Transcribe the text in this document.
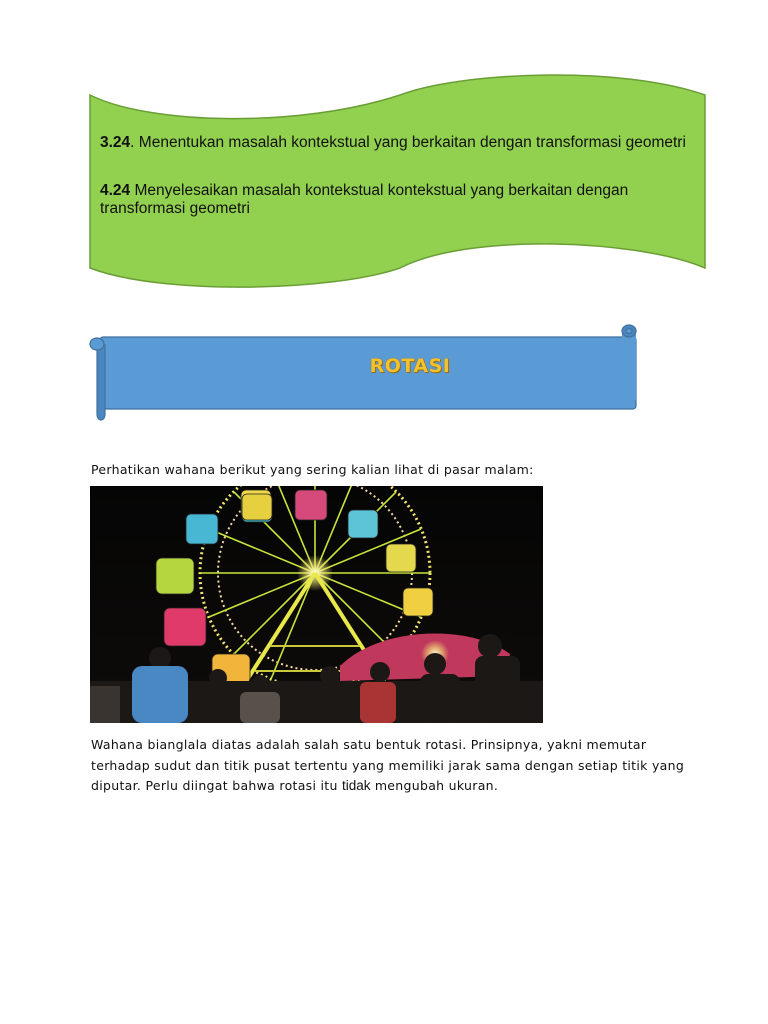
3.24. Menentukan masalah kontekstual yang berkaitan dengan transformasi geometri
4.24 Menyelesaikan masalah kontekstual kontekstual yang berkaitan dengan transformasi geometri
ROTASI
Perhatikan wahana berikut yang sering kalian lihat di pasar malam:
Wahana bianglala diatas adalah salah satu bentuk rotasi. Prinsipnya, yakni memutar terhadap sudut dan titik pusat tertentu yang memiliki jarak sama dengan setiap titik yang diputar. Perlu diingat bahwa rotasi itu tidak mengubah ukuran.
